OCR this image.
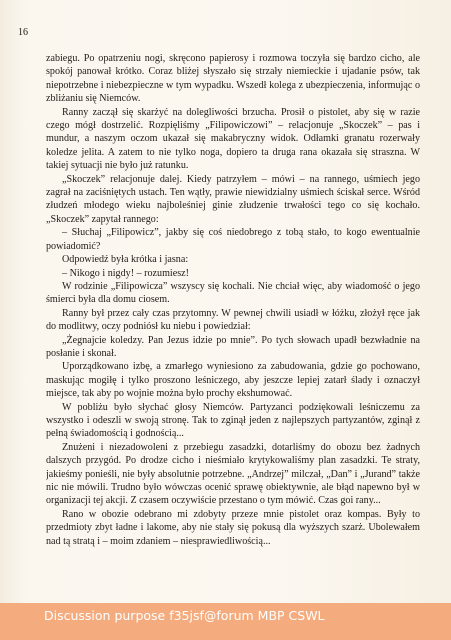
16

zabiegu. Po opatrzeniu nogi, skręcono papierosy i rozmowa toczyła się bardzo cicho, ale spokój panował krótko. Coraz bliżej słyszało się strzały niemieckie i ujadanie psów, tak niepotrzebne i niebezpieczne w tym wypadku. Wszedł kolega z ubezpieczenia, informując o zbliżaniu się Niemców.

Ranny zaczął się skarżyć na dolegliwości brzucha. Prosił o pistolet, aby się w razie czego mógł dostrzelić. Rozpięliśmy „Filipowiczowi” – relacjonuje „Skoczek” – pas i mundur, a naszym oczom ukazał się makabryczny widok. Odłamki granatu rozerwały koledze jelita. A zatem to nie tylko noga, dopiero ta druga rana okazała się straszna. W takiej sytuacji nie było już ratunku.

„Skoczek” relacjonuje dalej. Kiedy patrzyłem – mówi – na rannego, uśmiech jego zagrał na zaciśniętych ustach. Ten wątły, prawie niewidzialny uśmiech ściskał serce. Wśród złudzeń młodego wieku najboleśniej ginie złudzenie trwałości tego co się kochało. „Skoczek” zapytał rannego:

– Słuchaj „Filipowicz”, jakby się coś niedobrego z tobą stało, to kogo ewentualnie powiadomić?

Odpowiedź była krótka i jasna:

– Nikogo i nigdy! – rozumiesz!

W rodzinie „Filipowicza” wszyscy się kochali. Nie chciał więc, aby wiadomość o jego śmierci była dla domu ciosem.

Ranny był przez cały czas przytomny. W pewnej chwili usiadł w łóżku, złożył ręce jak do modlitwy, oczy podniósł ku niebu i powiedział:

„Żegnajcie koledzy. Pan Jezus idzie po mnie”. Po tych słowach upadł bezwładnie na posłanie i skonał.

Uporządkowano izbę, a zmarłego wyniesiono za zabudowania, gdzie go pochowano, maskując mogiłę i tylko proszono leśniczego, aby jeszcze lepiej zatarł ślady i oznaczył miejsce, tak aby po wojnie można było prochy ekshumować.

W pobliżu było słychać głosy Niemców. Partyzanci podziękowali leśniczemu za wszystko i odeszli w swoją stronę. Tak to zginął jeden z najlepszych partyzantów, zginął z pełną świadomością i godnością...

Znużeni i niezadowoleni z przebiegu zasadzki, dotarliśmy do obozu bez żadnych dalszych przygód. Po drodze cicho i nieśmiało krytykowaliśmy plan zasadzki. Te straty, jakieśmy ponieśli, nie były absolutnie potrzebne. „Andrzej” milczał, „Dan” i „Jurand” także nic nie mówili. Trudno było wówczas ocenić sprawę obiektywnie, ale błąd napewno był w organizacji tej akcji. Z czasem oczywiście przestano o tym mówić. Czas goi rany...

Rano w obozie odebrano mi zdobyty przeze mnie pistolet oraz kompas. Były to przedmioty zbyt ładne i lakome, aby nie stały się pokusą dla wyższych szarż. Ubolewałem nad tą stratą i – moim zdaniem – niesprawiedliwością...

Discussion purpose f35jsf@forum MBP CSWL
